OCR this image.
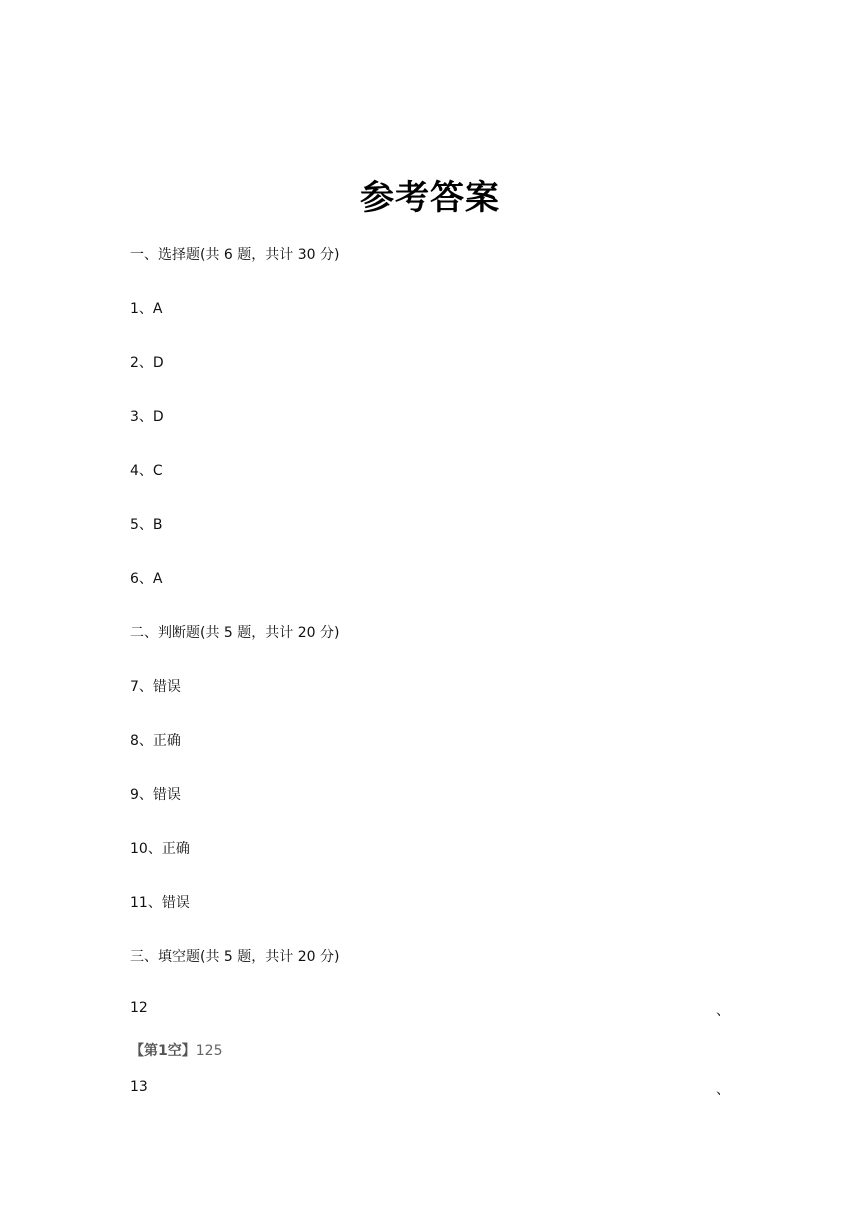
参考答案
一、选择题(共 6 题，共计 30 分)
1、A
2、D
3、D
4、C
5、B
6、A
二、判断题(共 5 题，共计 20 分)
7、错误
8、正确
9、错误
10、正确
11、错误
三、填空题(共 5 题，共计 20 分)
12	、
【第1空】125
13	、
